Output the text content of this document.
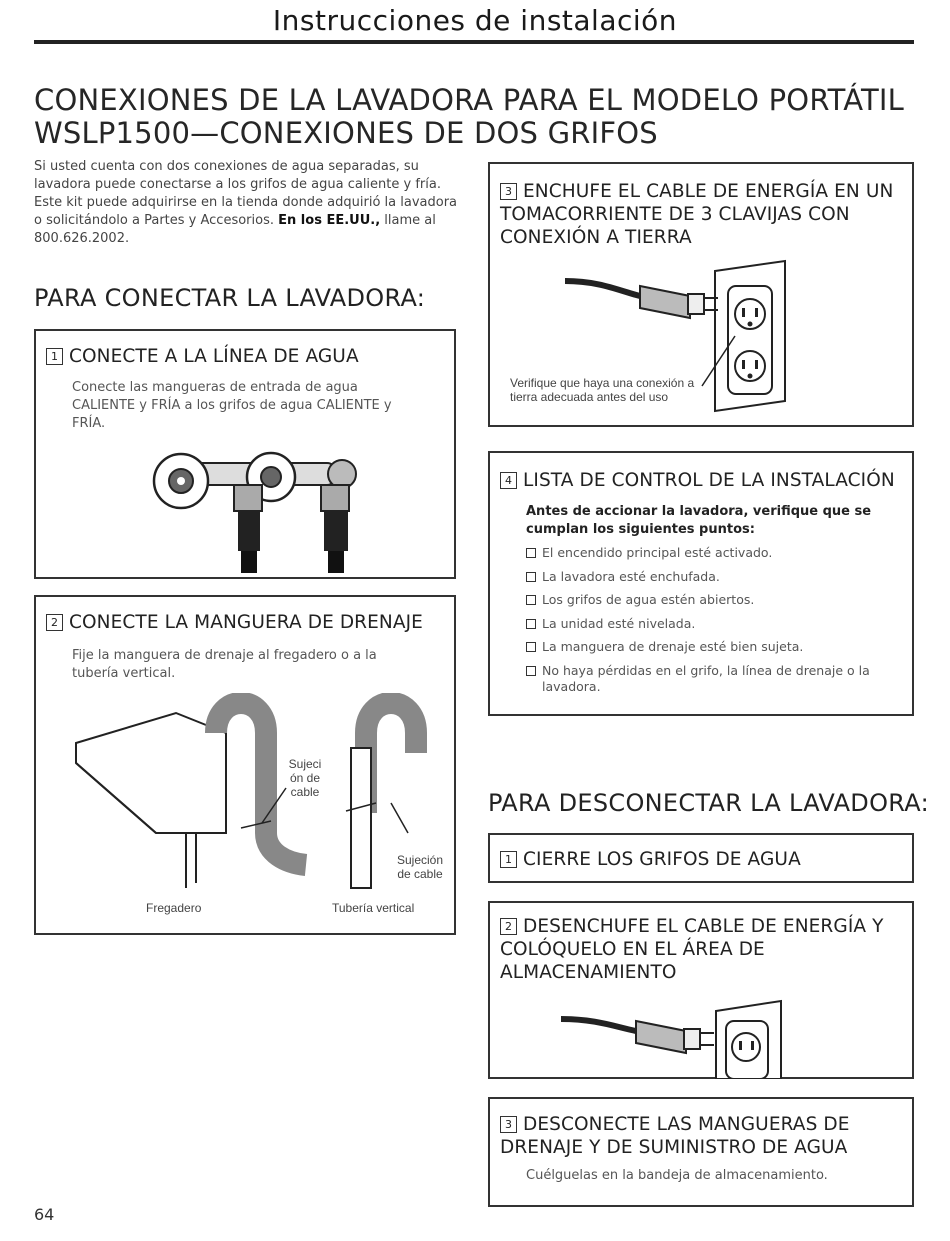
Instrucciones de instalación
CONEXIONES DE LA LAVADORA PARA EL MODELO PORTÁTIL WSLP1500—CONEXIONES DE DOS GRIFOS
Si usted cuenta con dos conexiones de agua separadas, su lavadora puede conectarse a los grifos de agua caliente y fría. Este kit puede adquirirse en la tienda donde adquirió la lavadora o solicitándolo a Partes y Accesorios. En los EE.UU., llame al 800.626.2002.
PARA CONECTAR LA LAVADORA:
1 CONECTE A LA LÍNEA DE AGUA
Conecte las mangueras de entrada de agua CALIENTE y FRÍA a los grifos de agua CALIENTE y FRÍA.
2 CONECTE LA MANGUERA DE DRENAJE
Fije la manguera de drenaje al fregadero o a la tubería vertical.
Sujeci
ón de
cable
Sujeción
de cable
Fregadero	Tubería vertical
3 ENCHUFE EL CABLE DE ENERGÍA EN UN TOMACORRIENTE DE 3 CLAVIJAS CON CONEXIÓN A TIERRA
Verifique que haya una conexión a tierra adecuada antes del uso
4 LISTA DE CONTROL DE LA INSTALACIÓN
Antes de accionar la lavadora, verifique que se cumplan los siguientes puntos:
El encendido principal esté activado.
La lavadora esté enchufada.
Los grifos de agua estén abiertos.
La unidad esté nivelada.
La manguera de drenaje esté bien sujeta.
No haya pérdidas en el grifo, la línea de drenaje o la lavadora.
PARA DESCONECTAR LA LAVADORA:
1 CIERRE LOS GRIFOS DE AGUA
2 DESENCHUFE EL CABLE DE ENERGÍA Y COLÓQUELO EN EL ÁREA DE ALMACENAMIENTO
3 DESCONECTE LAS MANGUERAS DE DRENAJE Y DE SUMINISTRO DE AGUA
Cuélguelas en la bandeja de almacenamiento.
64
